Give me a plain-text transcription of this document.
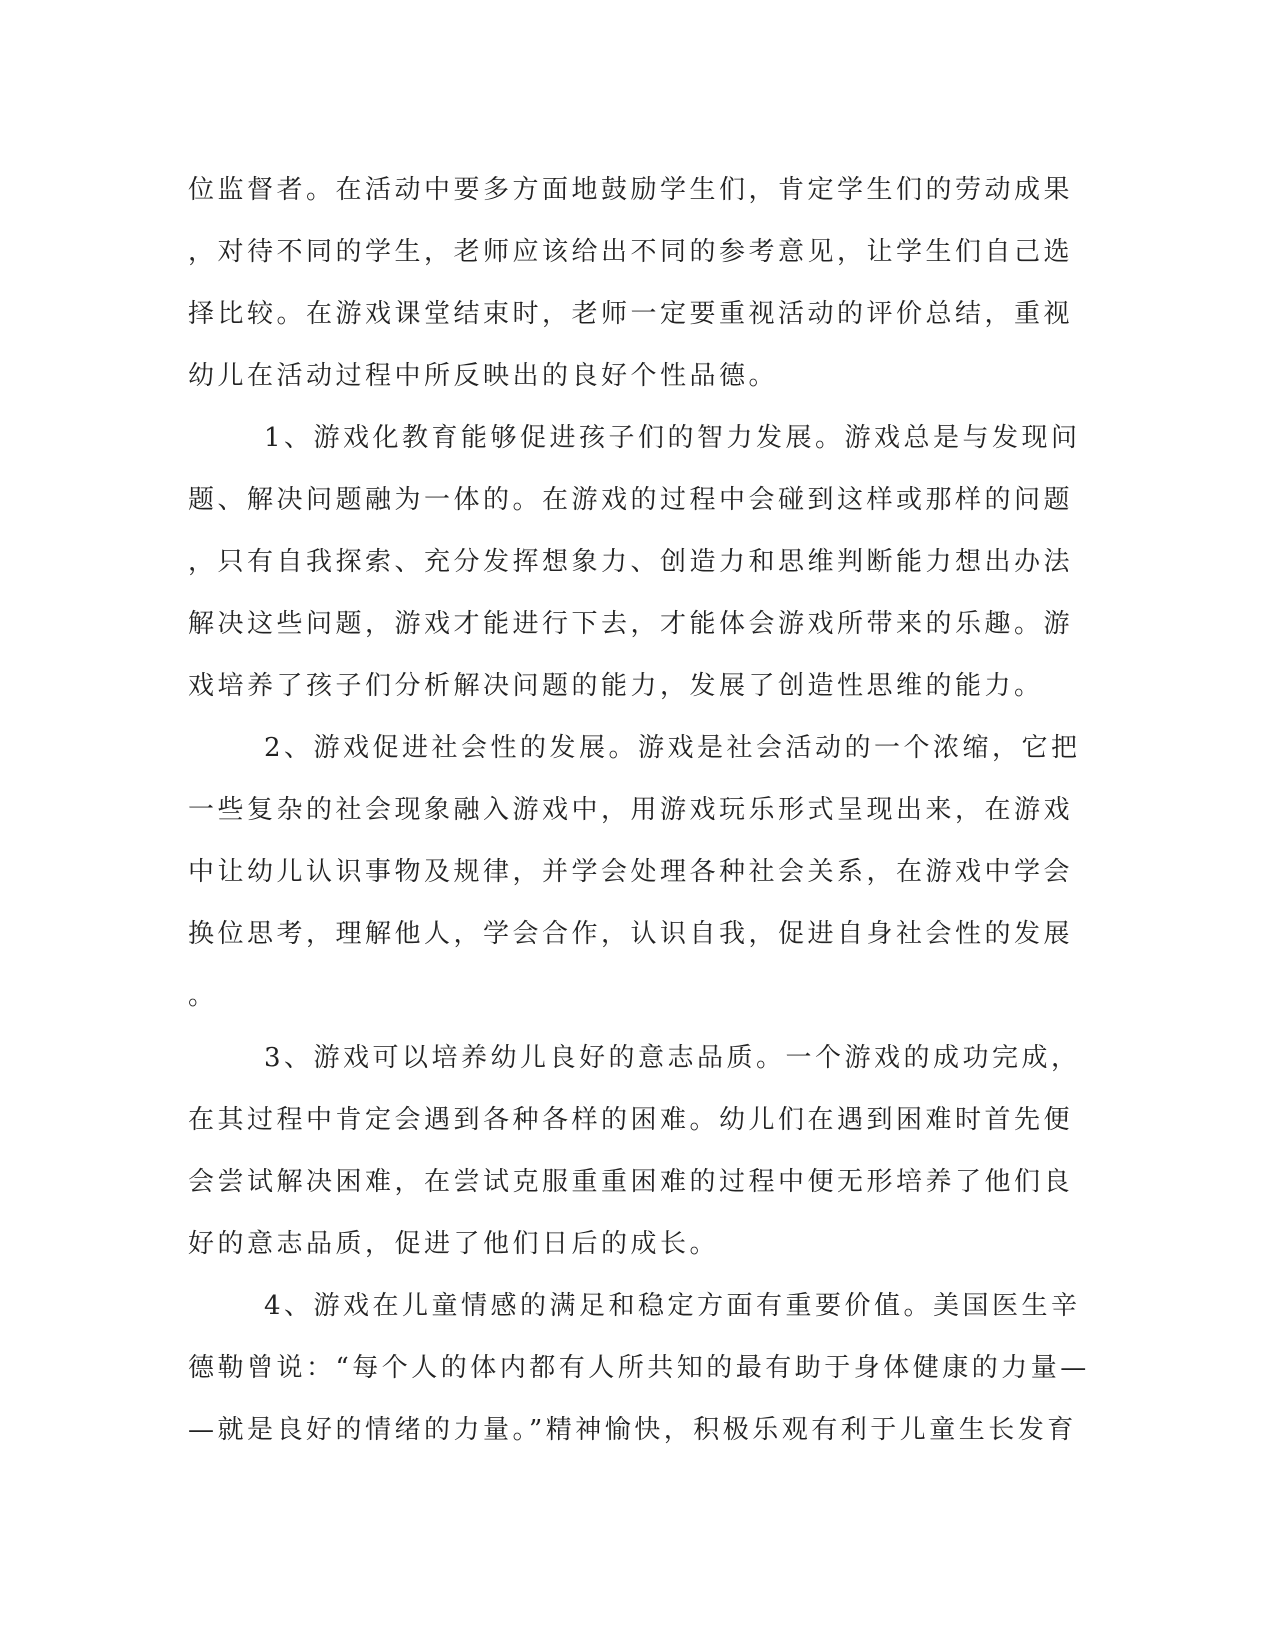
位监督者。在活动中要多方面地鼓励学生们，肯定学生们的劳动成果
，对待不同的学生，老师应该给出不同的参考意见，让学生们自己选
择比较。在游戏课堂结束时，老师一定要重视活动的评价总结，重视
幼儿在活动过程中所反映出的良好个性品德。
1、游戏化教育能够促进孩子们的智力发展。游戏总是与发现问
题、解决问题融为一体的。在游戏的过程中会碰到这样或那样的问题
，只有自我探索、充分发挥想象力、创造力和思维判断能力想出办法
解决这些问题，游戏才能进行下去，才能体会游戏所带来的乐趣。游
戏培养了孩子们分析解决问题的能力，发展了创造性思维的能力。
2、游戏促进社会性的发展。游戏是社会活动的一个浓缩，它把
一些复杂的社会现象融入游戏中，用游戏玩乐形式呈现出来，在游戏
中让幼儿认识事物及规律，并学会处理各种社会关系，在游戏中学会
换位思考，理解他人，学会合作，认识自我，促进自身社会性的发展
。
3、游戏可以培养幼儿良好的意志品质。一个游戏的成功完成，
在其过程中肯定会遇到各种各样的困难。幼儿们在遇到困难时首先便
会尝试解决困难，在尝试克服重重困难的过程中便无形培养了他们良
好的意志品质，促进了他们日后的成长。
4、游戏在儿童情感的满足和稳定方面有重要价值。美国医生辛
德勒曾说：“每个人的体内都有人所共知的最有助于身体健康的力量—
—就是良好的情绪的力量。”精神愉快，积极乐观有利于儿童生长发育
